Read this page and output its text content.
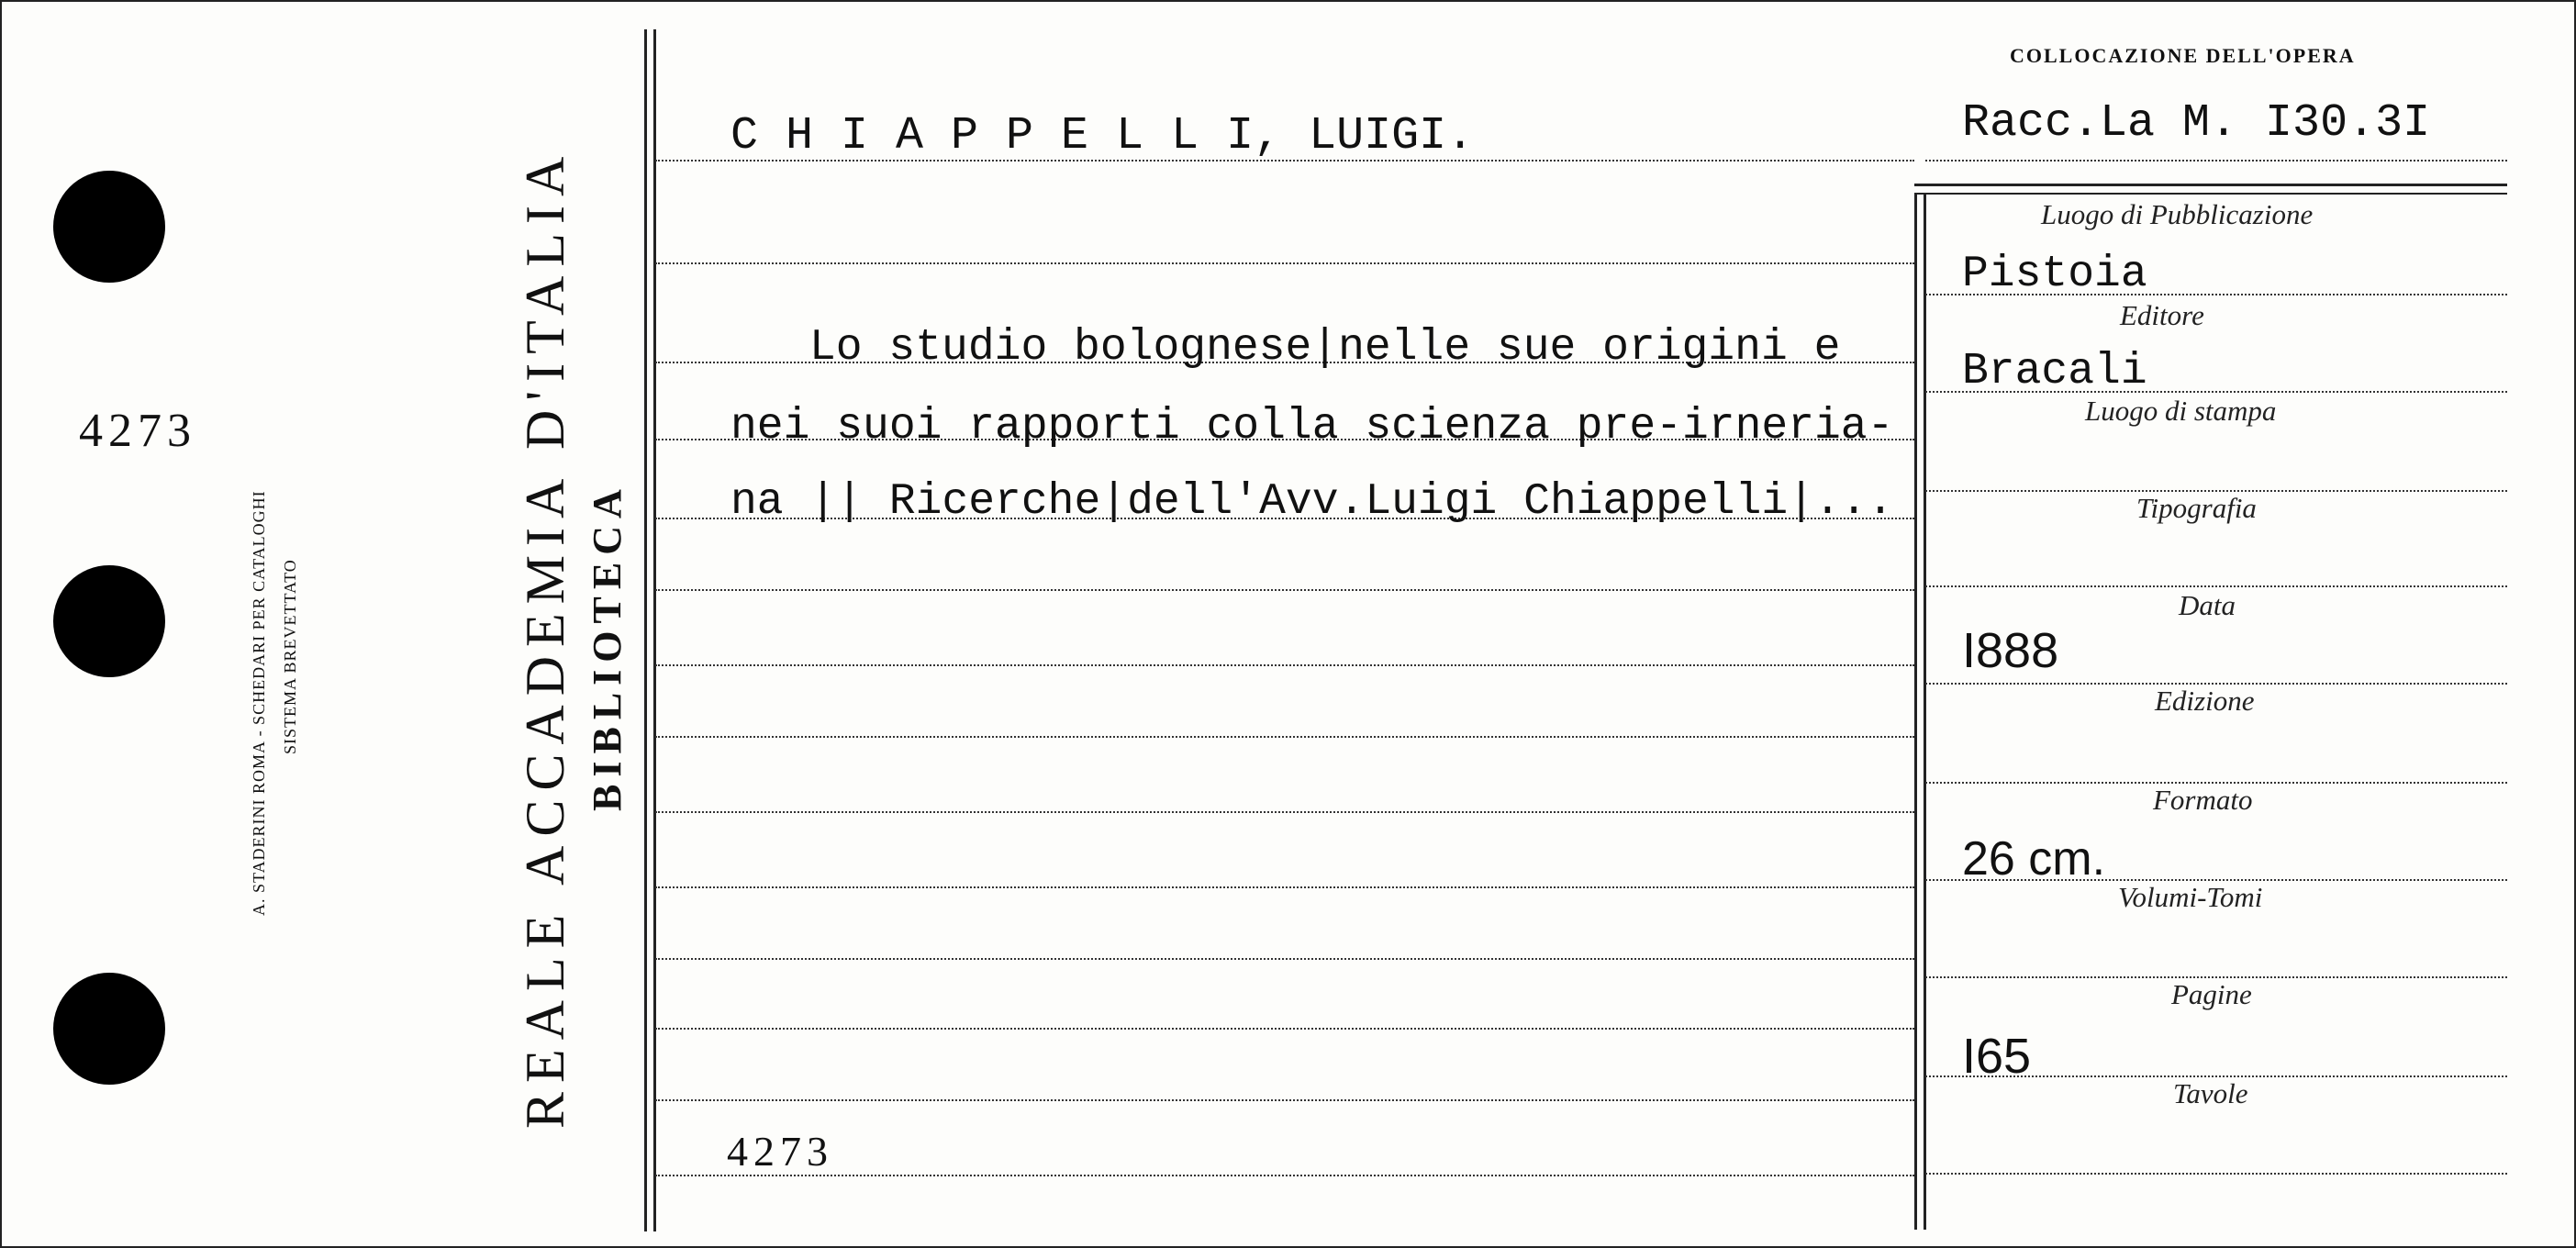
4273
A. STADERINI ROMA - SCHEDARI PER CATALOGHI SISTEMA BREVETTATO	REALE ACCADEMIA D'ITALIA BIBLIOTECA
COLLOCAZIONE DELL'OPERA
Racc.La M. I30.3I
C H I A P P E L L I, LUIGI.
Lo studio bolognese|nelle sue origini e
nei suoi rapporti colla scienza pre-irneria-
na || Ricerche|dell'Avv.Luigi Chiappelli|...
4273
Luogo di Pubblicazione
Pistoia
Editore
Bracali
Luogo di stampa
Tipografia
Data
I888
Edizione
Formato
26 cm.
Volumi-Tomi
Pagine
I65
Tavole
